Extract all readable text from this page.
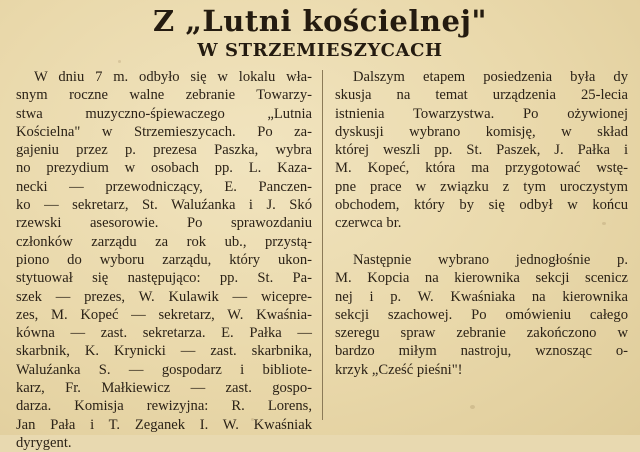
Z „Lutni kościelnej"
W STRZEMIESZYCACH
W dniu 7 m. odbyło się w lokalu wła-
snym roczne walne zebranie Towarzy-
stwa muzyczno-śpiewaczego „Lutnia
Kościelna" w Strzemieszycach. Po za-
gajeniu przez p. prezesa Paszka, wybra
no prezydium w osobach pp. L. Kaza-
necki — przewodniczący, E. Panczen-
ko — sekretarz, St. Waluźanka i J. Skó
rzewski asesorowie. Po sprawozdaniu
członków zarządu za rok ub., przystą-
piono do wyboru zarządu, który ukon-
stytuował się następująco: pp. St. Pa-
szek — prezes, W. Kulawik — wicepre-
zes, M. Kopeć — sekretarz, W. Kwaśnia-
kówna — zast. sekretarza. E. Pałka —
skarbnik, K. Krynicki — zast. skarbnika,
Waluźanka S. — gospodarz i bibliote-
karz, Fr. Małkiewicz — zast. gospo-
darza. Komisja rewizyjna: R. Lorens,
Jan Pała i T. Zeganek I. W. Kwaśniak
dyrygent.
Dalszym etapem posiedzenia była dy
skusja na temat urządzenia 25-lecia
istnienia Towarzystwa. Po ożywionej
dyskusji wybrano komisję, w skład
której weszli pp. St. Paszek, J. Pałka i
M. Kopeć, która ma przygotować wstę-
pne prace w związku z tym uroczystym
obchodem, który by się odbył w końcu
czerwca br.
Następnie wybrano jednogłośnie p.
M. Kopcia na kierownika sekcji scenicz
nej i p. W. Kwaśniaka na kierownika
sekcji szachowej. Po omówieniu całego
szeregu spraw zebranie zakończono w
bardzo miłym nastroju, wznosząc o-
krzyk „Cześć pieśni"!
